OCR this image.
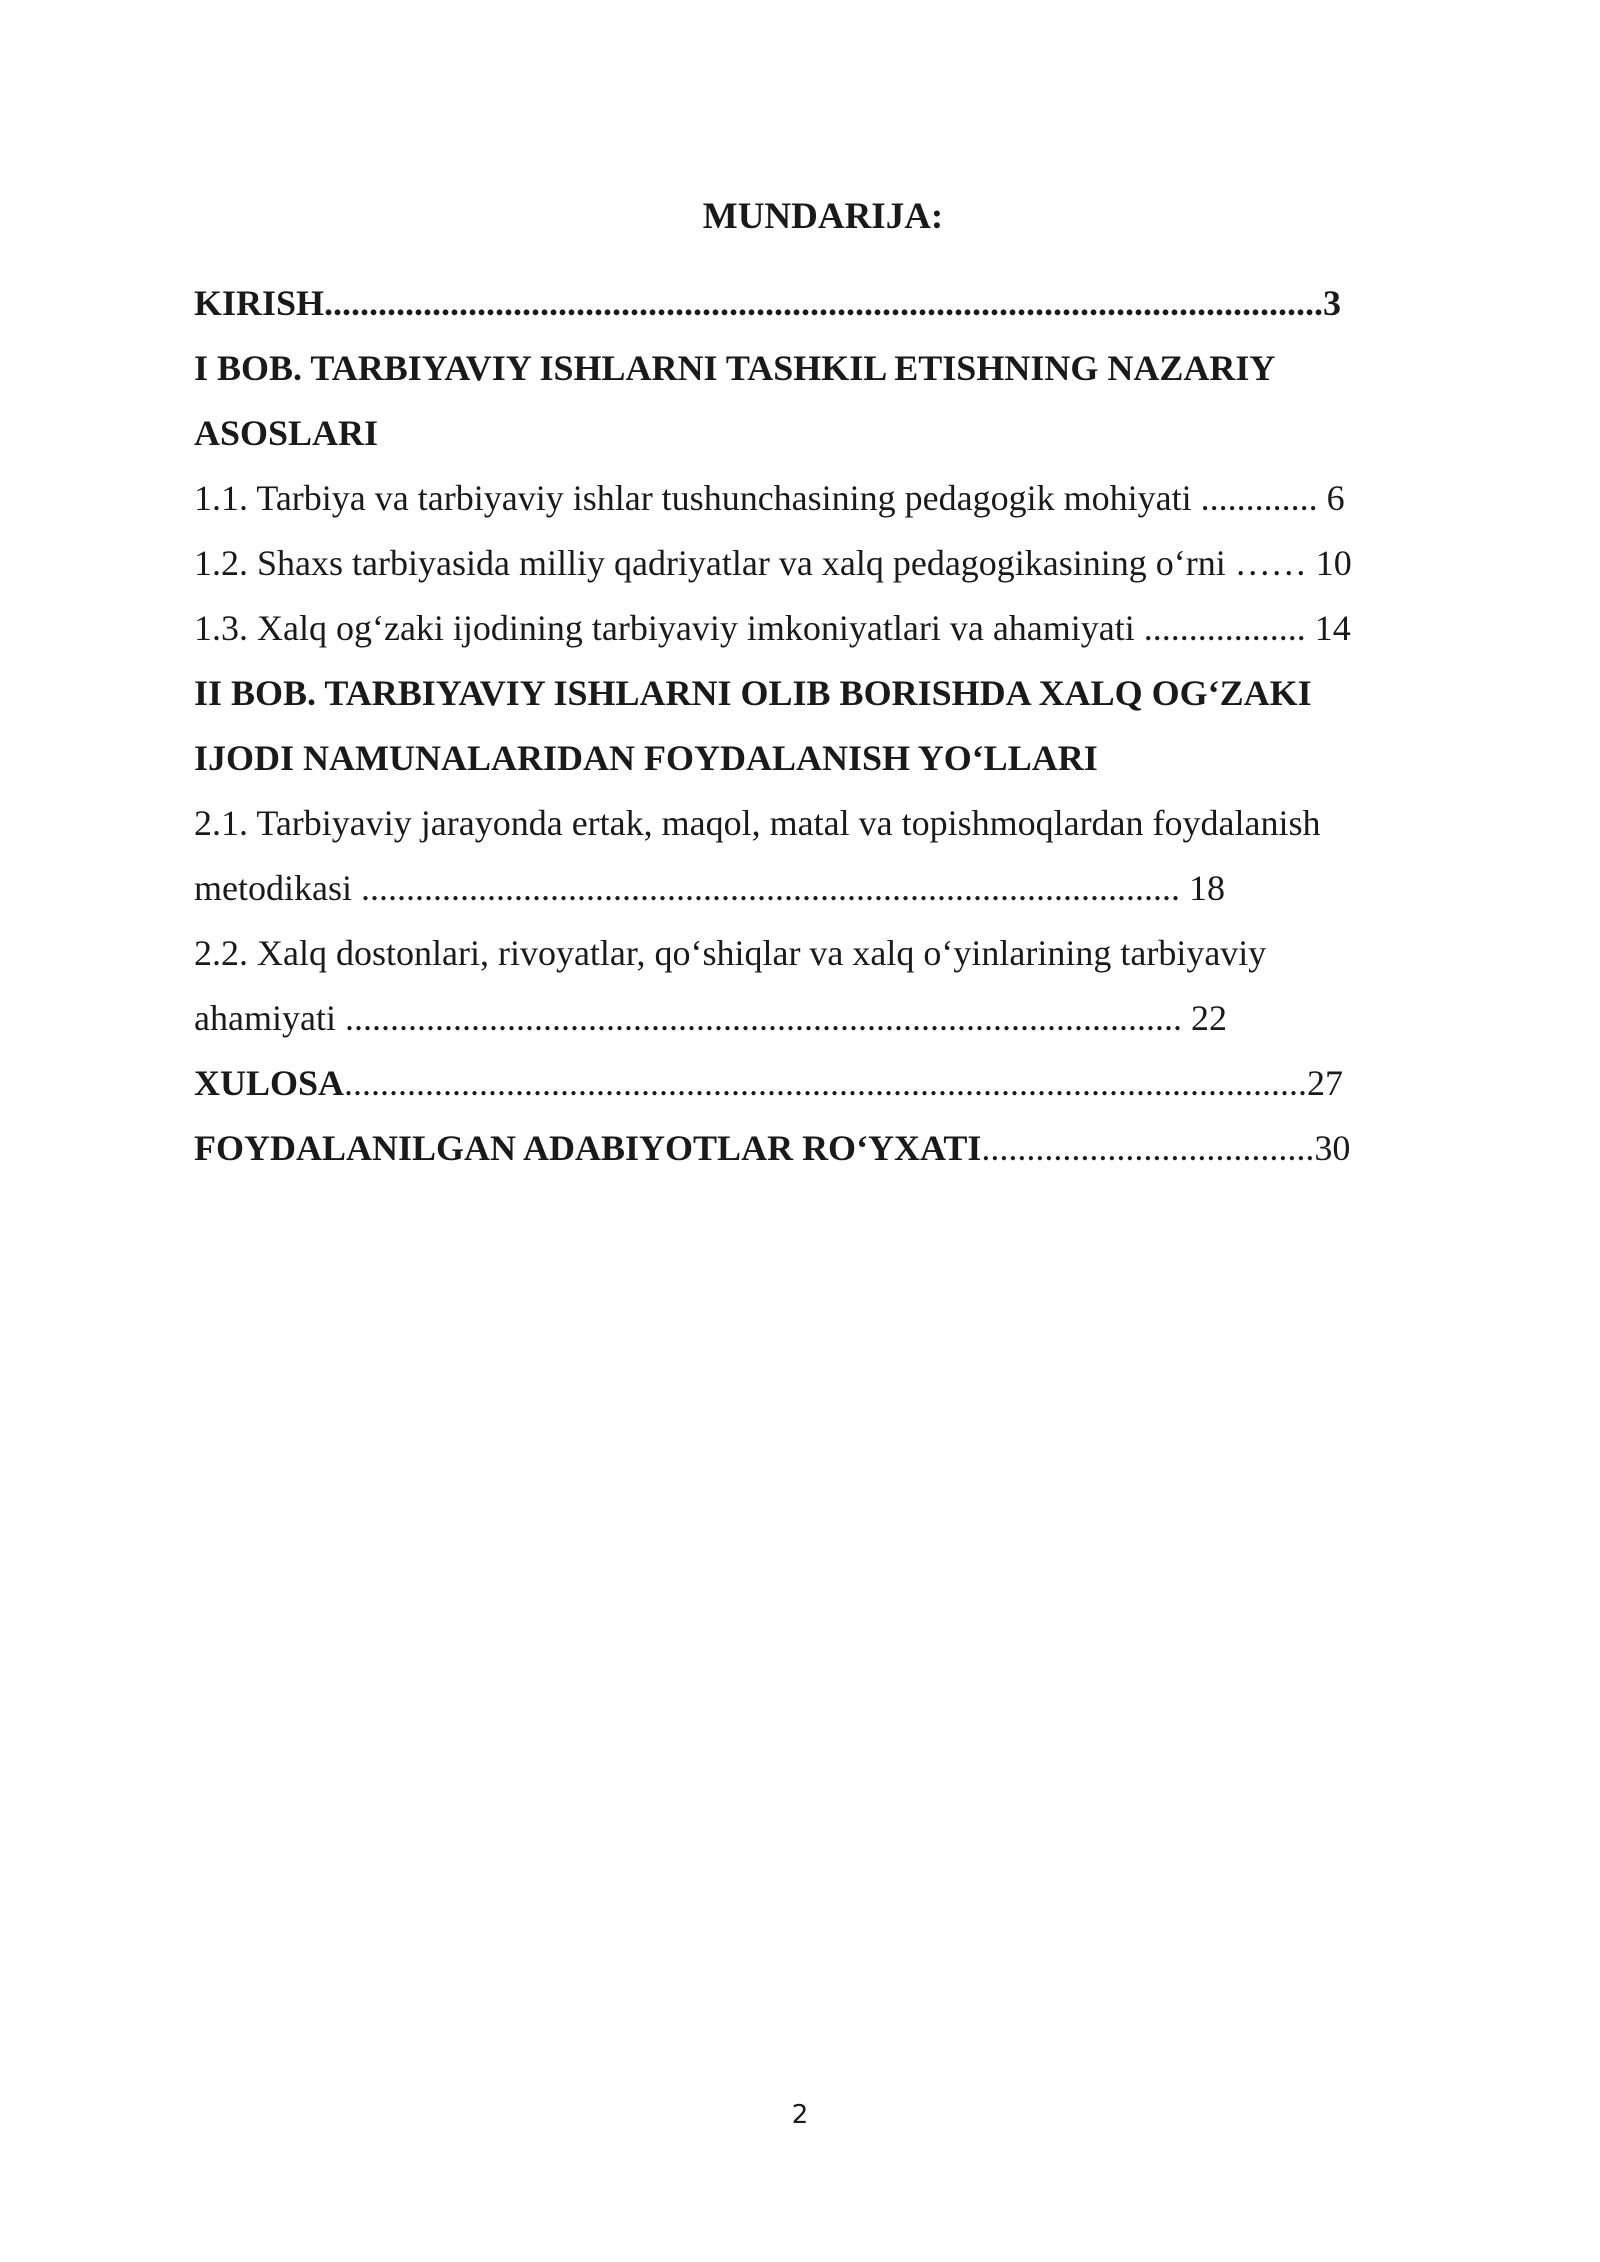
MUNDARIJA:
KIRISH...............................................................................................................3
I BOB. TARBIYAVIY ISHLARNI TASHKIL ETISHNING NAZARIY
ASOSLARI
1.1. Tarbiya va tarbiyaviy ishlar tushunchasining pedagogik mohiyati ............. 6
1.2. Shaxs tarbiyasida milliy qadriyatlar va xalq pedagogikasining o‘rni …… 10
1.3. Xalq og‘zaki ijodining tarbiyaviy imkoniyatlari va ahamiyati .................. 14
II BOB. TARBIYAVIY ISHLARNI OLIB BORISHDA XALQ OG‘ZAKI
IJODI NAMUNALARIDAN FOYDALANISH YO‘LLARI
2.1. Tarbiyaviy jarayonda ertak, maqol, matal va topishmoqlardan foydalanish
metodikasi ........................................................................................... 18
2.2. Xalq dostonlari, rivoyatlar, qo‘shiqlar va xalq o‘yinlarining tarbiyaviy
ahamiyati ............................................................................................. 22
XULOSA...........................................................................................................27
FOYDALANILGAN ADABIYOTLAR RO‘YXATI.....................................30
2
